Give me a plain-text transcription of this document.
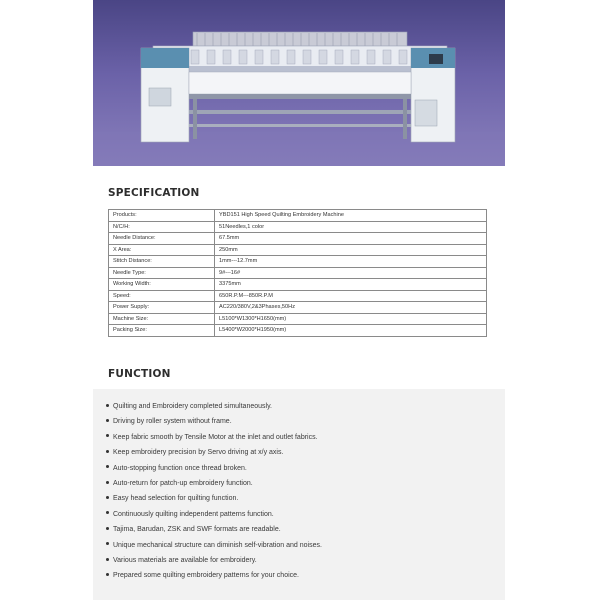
SPECIFICATION
Products:	YBD151 High Speed Quilting Embroidery Machine
N/C/H:	51Needles,1 color
Needle Distance:	67.5mm
X Area:	250mm
Stitch Distance:	1mm---12.7mm
Needle Type:	9#---16#
Working Width:	3375mm
Speed:	650R.P.M---850R.P.M
Power Supply:	AC220/380V,2&3Phases,50Hz
Machine Size:	L5100*W1300*H1650(mm)
Packing Size:	L5400*W2000*H1950(mm)
FUNCTION
Quilting and Embroidery completed simultaneously.
Driving by roller system without frame.
Keep fabric smooth by Tensile Motor at the inlet and outlet fabrics.
Keep embroidery precision by Servo driving at x/y axis.
Auto-stopping function once thread broken.
Auto-return for patch-up embroidery function.
Easy head selection for quilting function.
Continuously quilting independent patterns function.
Tajima, Barudan, ZSK and SWF formats are readable.
Unique mechanical structure can diminish self-vibration and noises.
Various materials are available for embroidery.
Prepared some quilting embroidery patterns for your choice.
